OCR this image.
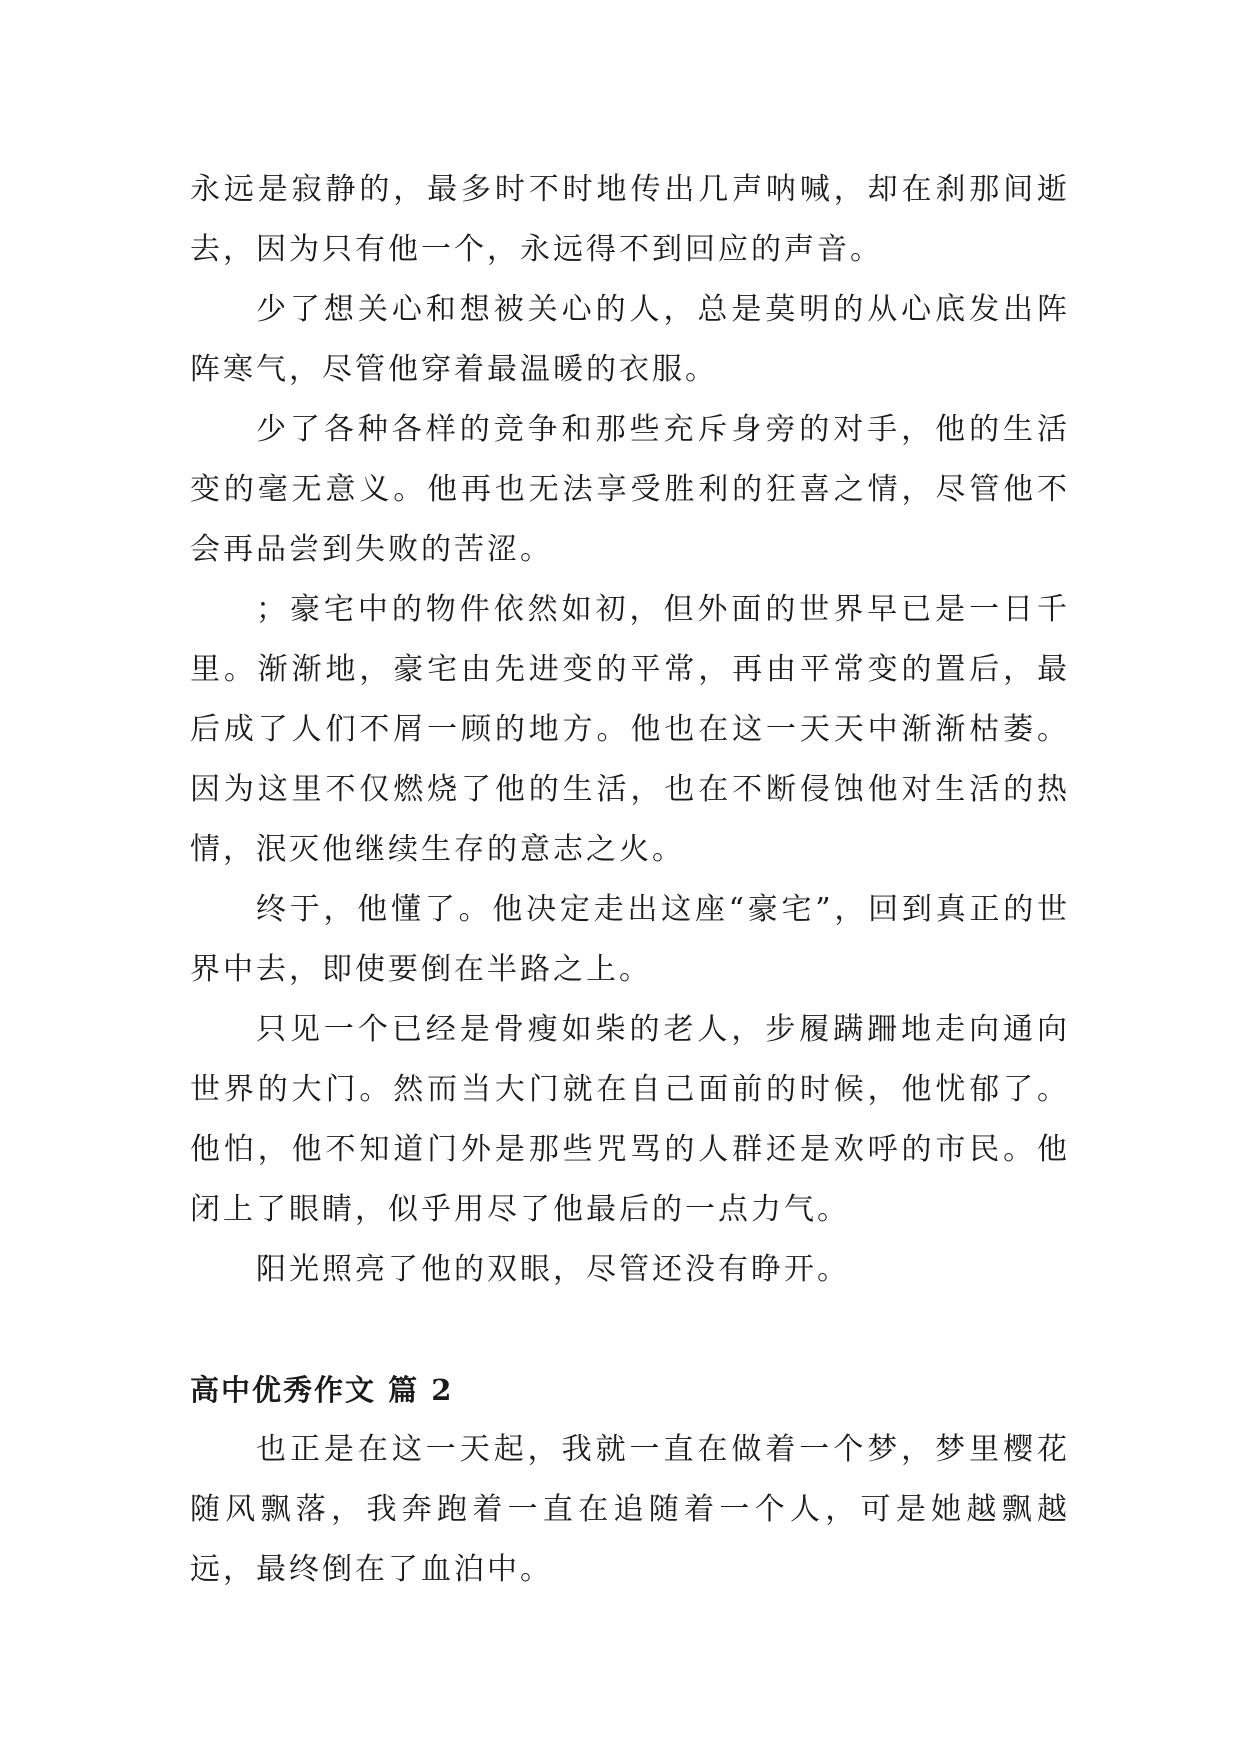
永远是寂静的，最多时不时地传出几声呐喊，却在刹那间逝去，因为只有他一个，永远得不到回应的声音。

少了想关心和想被关心的人，总是莫明的从心底发出阵阵寒气，尽管他穿着最温暖的衣服。

少了各种各样的竞争和那些充斥身旁的对手，他的生活变的毫无意义。他再也无法享受胜利的狂喜之情，尽管他不会再品尝到失败的苦涩。

；豪宅中的物件依然如初，但外面的世界早已是一日千里。渐渐地，豪宅由先进变的平常，再由平常变的置后，最后成了人们不屑一顾的地方。他也在这一天天中渐渐枯萎。因为这里不仅燃烧了他的生活，也在不断侵蚀他对生活的热情，泯灭他继续生存的意志之火。

终于，他懂了。他决定走出这座“豪宅”，回到真正的世界中去，即使要倒在半路之上。

只见一个已经是骨瘦如柴的老人，步履蹒跚地走向通向世界的大门。然而当大门就在自己面前的时候，他忧郁了。他怕，他不知道门外是那些咒骂的人群还是欢呼的市民。他闭上了眼睛，似乎用尽了他最后的一点力气。

阳光照亮了他的双眼，尽管还没有睁开。

高中优秀作文 篇 2

也正是在这一天起，我就一直在做着一个梦，梦里樱花随风飘落，我奔跑着一直在追随着一个人，可是她越飘越远，最终倒在了血泊中。
